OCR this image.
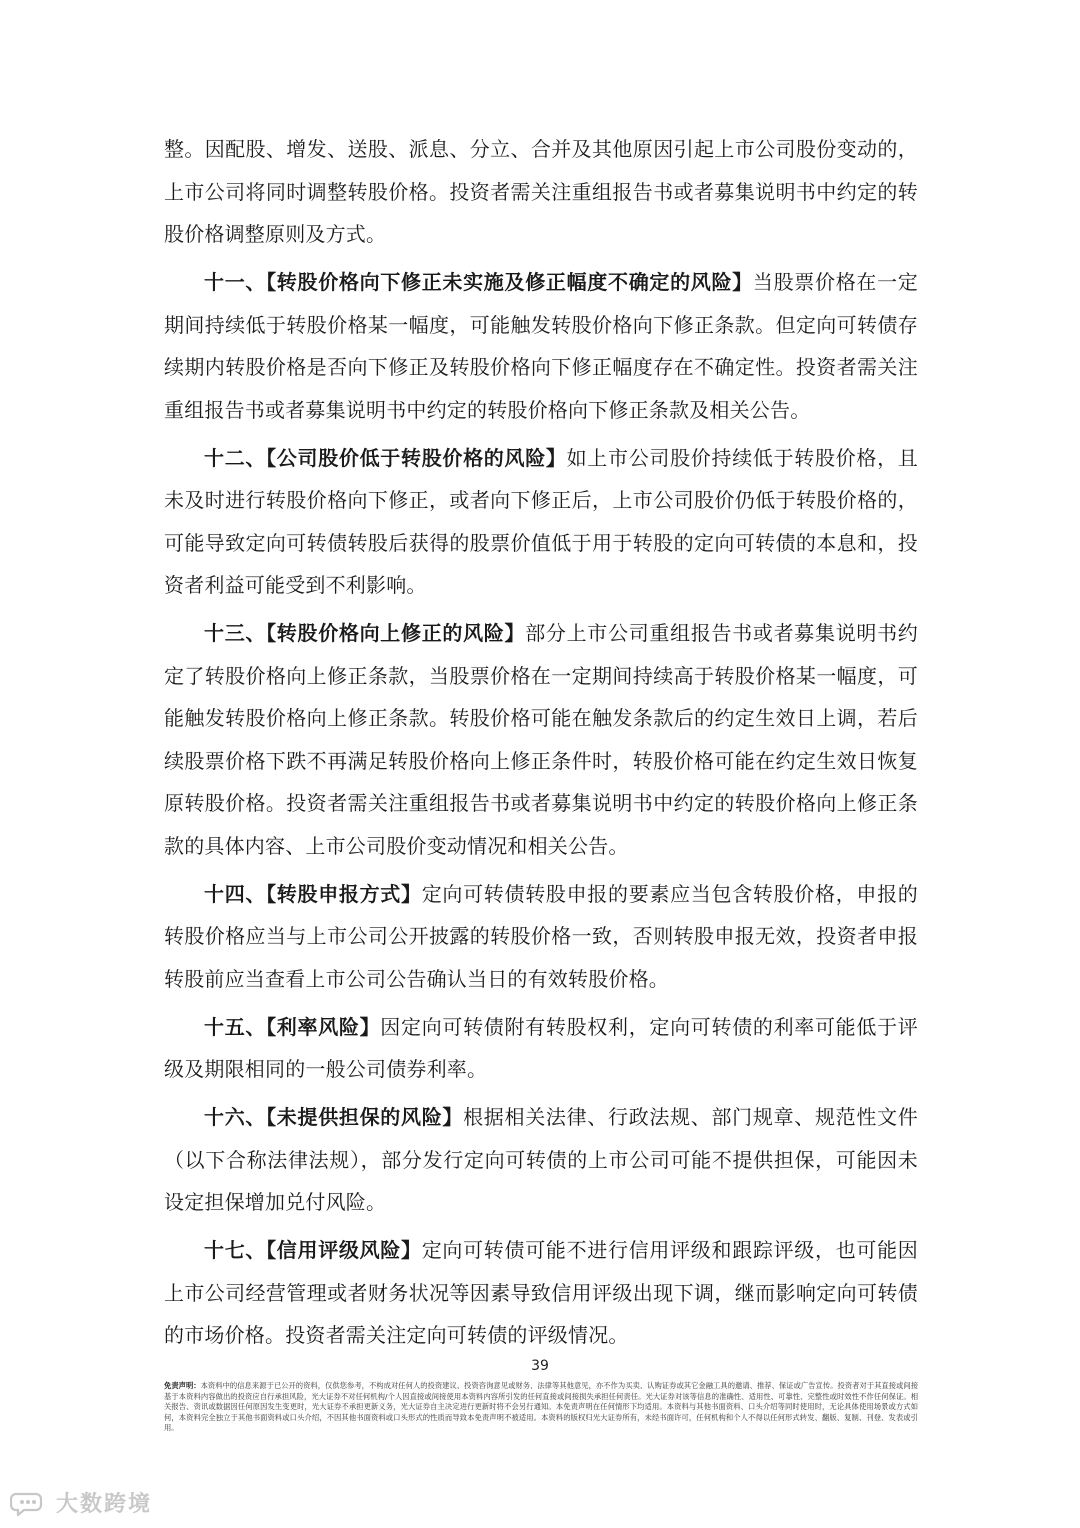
整。因配股、增发、送股、派息、分立、合并及其他原因引起上市公司股份变动的，上市公司将同时调整转股价格。投资者需关注重组报告书或者募集说明书中约定的转股价格调整原则及方式。

十一、【转股价格向下修正未实施及修正幅度不确定的风险】当股票价格在一定期间持续低于转股价格某一幅度，可能触发转股价格向下修正条款。但定向可转债存续期内转股价格是否向下修正及转股价格向下修正幅度存在不确定性。投资者需关注重组报告书或者募集说明书中约定的转股价格向下修正条款及相关公告。

十二、【公司股价低于转股价格的风险】如上市公司股价持续低于转股价格，且未及时进行转股价格向下修正，或者向下修正后，上市公司股价仍低于转股价格的，可能导致定向可转债转股后获得的股票价值低于用于转股的定向可转债的本息和，投资者利益可能受到不利影响。

十三、【转股价格向上修正的风险】部分上市公司重组报告书或者募集说明书约定了转股价格向上修正条款，当股票价格在一定期间持续高于转股价格某一幅度，可能触发转股价格向上修正条款。转股价格可能在触发条款后的约定生效日上调，若后续股票价格下跌不再满足转股价格向上修正条件时，转股价格可能在约定生效日恢复原转股价格。投资者需关注重组报告书或者募集说明书中约定的转股价格向上修正条款的具体内容、上市公司股价变动情况和相关公告。

十四、【转股申报方式】定向可转债转股申报的要素应当包含转股价格，申报的转股价格应当与上市公司公开披露的转股价格一致，否则转股申报无效，投资者申报转股前应当查看上市公司公告确认当日的有效转股价格。

十五、【利率风险】因定向可转债附有转股权利，定向可转债的利率可能低于评级及期限相同的一般公司债券利率。

十六、【未提供担保的风险】根据相关法律、行政法规、部门规章、规范性文件（以下合称法律法规），部分发行定向可转债的上市公司可能不提供担保，可能因未设定担保增加兑付风险。

十七、【信用评级风险】定向可转债可能不进行信用评级和跟踪评级，也可能因上市公司经营管理或者财务状况等因素导致信用评级出现下调，继而影响定向可转债的市场价格。投资者需关注定向可转债的评级情况。

39
免责声明：本资料中的信息来源于已公开的资料，仅供您参考，不构成对任何人的投资建议、投资咨询意见或财务、法律等其他意见，亦不作为买卖、认购证券或其它金融工具的邀请、推荐、保证或广告宣传。投资者对于其直接或间接基于本资料内容做出的投资应自行承担风险，光大证券不对任何机构/个人因直接或间接使用本资料内容所引发的任何直接或间接损失承担任何责任。光大证券对该等信息的准确性、适用性、可靠性、完整性或时效性不作任何保证。相关报告、资讯或数据因任何原因发生变更时，光大证券不承担更新义务，光大证券自主决定进行更新时将不会另行通知。本免责声明在任何情形下均适用。本资料与其他书面资料、口头介绍等同时使用时，无论具体使用场景或方式如何，本资料完全独立于其他书面资料或口头介绍，不因其他书面资料或口头形式的性质而导致本免责声明不被适用。本资料的版权归光大证券所有，未经书面许可，任何机构和个人不得以任何形式转发、翻版、复制、刊登、发表或引用。
大数跨境
